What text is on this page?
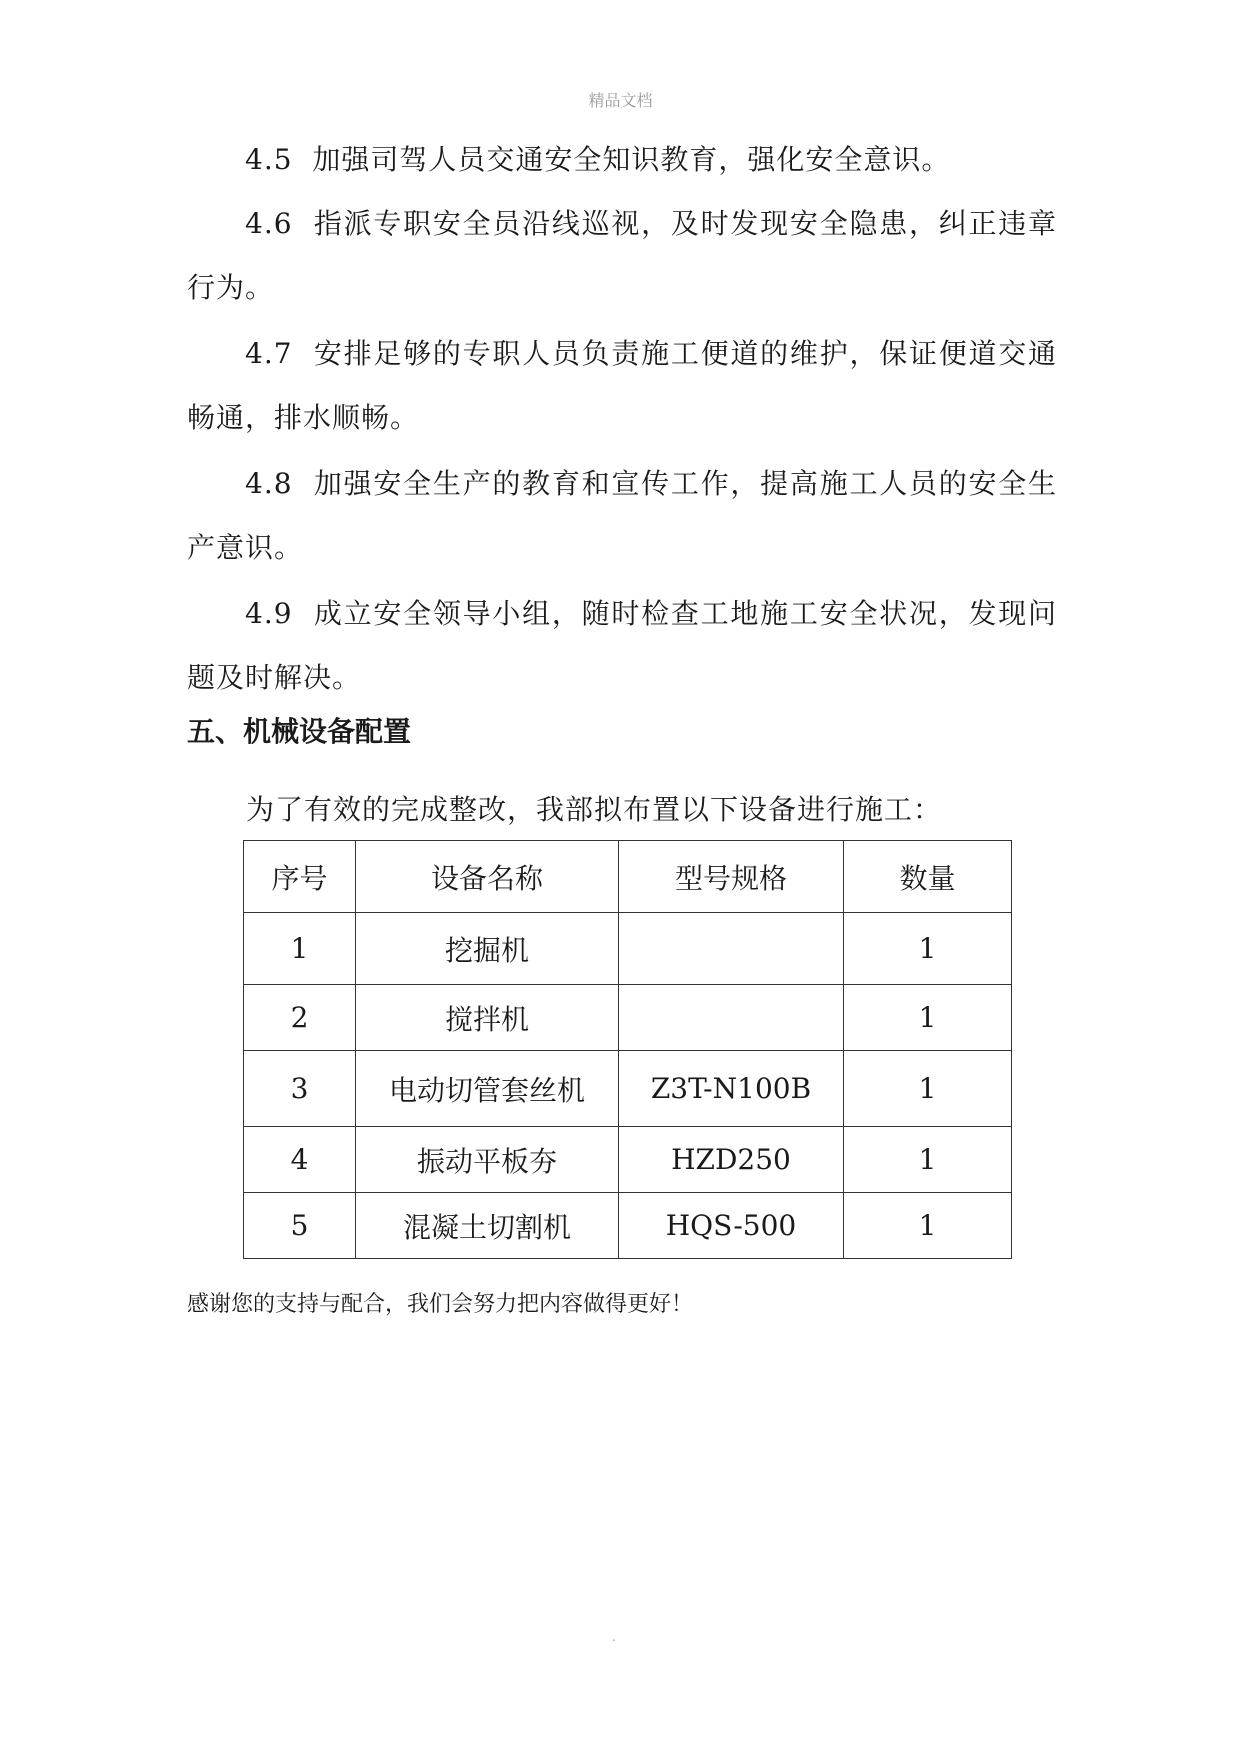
精品文档
4.5 加强司驾人员交通安全知识教育，强化安全意识。
4.6 指派专职安全员沿线巡视，及时发现安全隐患，纠正违章行为。
4.7 安排足够的专职人员负责施工便道的维护，保证便道交通畅通，排水顺畅。
4.8 加强安全生产的教育和宣传工作，提高施工人员的安全生产意识。
4.9 成立安全领导小组，随时检查工地施工安全状况，发现问题及时解决。
五、机械设备配置
为了有效的完成整改，我部拟布置以下设备进行施工：
序号	设备名称	型号规格	数量
1	挖掘机		1
2	搅拌机		1
3	电动切管套丝机	Z3T-N100B	1
4	振动平板夯	HZD250	1
5	混凝土切割机	HQS-500	1
感谢您的支持与配合，我们会努力把内容做得更好！
.
